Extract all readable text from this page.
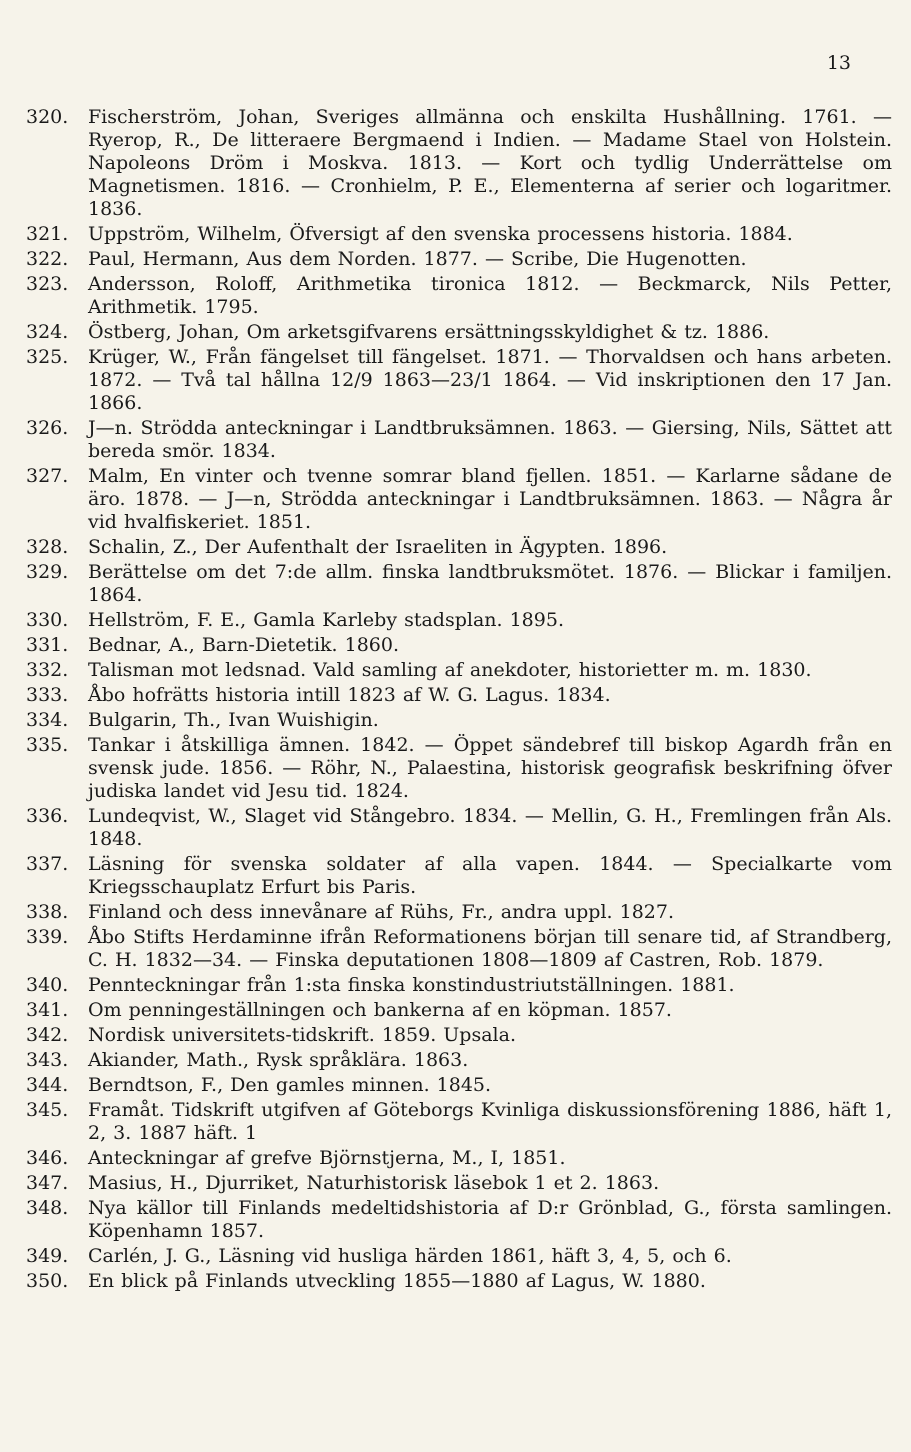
13
320.	Fischerström, Johan, Sveriges allmänna och enskilta Hushållning. 1761. — Ryerop, R., De litteraere Bergmaend i Indien. — Madame Stael von Holstein. Napoleons Dröm i Moskva. 1813. — Kort och tydlig Underrättelse om Magnetismen. 1816. — Cronhielm, P. E., Elementerna af serier och logaritmer. 1836.
321.	Uppström, Wilhelm, Öfversigt af den svenska processens historia. 1884.
322.	Paul, Hermann, Aus dem Norden. 1877. — Scribe, Die Hugenotten.
323.	Andersson, Roloff, Arithmetika tironica 1812. — Beckmarck, Nils Petter, Arithmetik. 1795.
324.	Östberg, Johan, Om arketsgifvarens ersättningsskyldighet & tz. 1886.
325.	Krüger, W., Från fängelset till fängelset. 1871. — Thorvaldsen och hans arbeten. 1872. — Två tal hållna 12/9 1863—23/1 1864. — Vid inskriptionen den 17 Jan. 1866.
326.	J—n. Strödda anteckningar i Landtbruksämnen. 1863. — Giersing, Nils, Sättet att bereda smör. 1834.
327.	Malm, En vinter och tvenne somrar bland fjellen. 1851. — Karlarne sådane de äro. 1878. — J—n, Strödda anteckningar i Landtbruksämnen. 1863. — Några år vid hvalfiskeriet. 1851.
328.	Schalin, Z., Der Aufenthalt der Israeliten in Ägypten. 1896.
329.	Berättelse om det 7:de allm. finska landtbruksmötet. 1876. — Blickar i familjen. 1864.
330.	Hellström, F. E., Gamla Karleby stadsplan. 1895.
331.	Bednar, A., Barn-Dietetik. 1860.
332.	Talisman mot ledsnad. Vald samling af anekdoter, historietter m. m. 1830.
333.	Åbo hofrätts historia intill 1823 af W. G. Lagus. 1834.
334.	Bulgarin, Th., Ivan Wuishigin.
335.	Tankar i åtskilliga ämnen. 1842. — Öppet sändebref till biskop Agardh från en svensk jude. 1856. — Röhr, N., Palaestina, historisk geografisk beskrifning öfver judiska landet vid Jesu tid. 1824.
336.	Lundeqvist, W., Slaget vid Stångebro. 1834. — Mellin, G. H., Fremlingen från Als. 1848.
337.	Läsning för svenska soldater af alla vapen. 1844. — Specialkarte vom Kriegsschauplatz Erfurt bis Paris.
338.	Finland och dess innevånare af Rühs, Fr., andra uppl. 1827.
339.	Åbo Stifts Herdaminne ifrån Reformationens början till senare tid, af Strandberg, C. H. 1832—34. — Finska deputationen 1808—1809 af Castren, Rob. 1879.
340.	Pennteckningar från 1:sta finska konstindustriutställningen. 1881.
341.	Om penningeställningen och bankerna af en köpman. 1857.
342.	Nordisk universitets-tidskrift. 1859. Upsala.
343.	Akiander, Math., Rysk språklära. 1863.
344.	Berndtson, F., Den gamles minnen. 1845.
345.	Framåt. Tidskrift utgifven af Göteborgs Kvinliga diskussionsförening 1886, häft 1, 2, 3. 1887 häft. 1
346.	Anteckningar af grefve Björnstjerna, M., I, 1851.
347.	Masius, H., Djurriket, Naturhistorisk läsebok 1 et 2. 1863.
348.	Nya källor till Finlands medeltidshistoria af D:r Grönblad, G., första samlingen. Köpenhamn 1857.
349.	Carlén, J. G., Läsning vid husliga härden 1861, häft 3, 4, 5, och 6.
350.	En blick på Finlands utveckling 1855—1880 af Lagus, W. 1880.
